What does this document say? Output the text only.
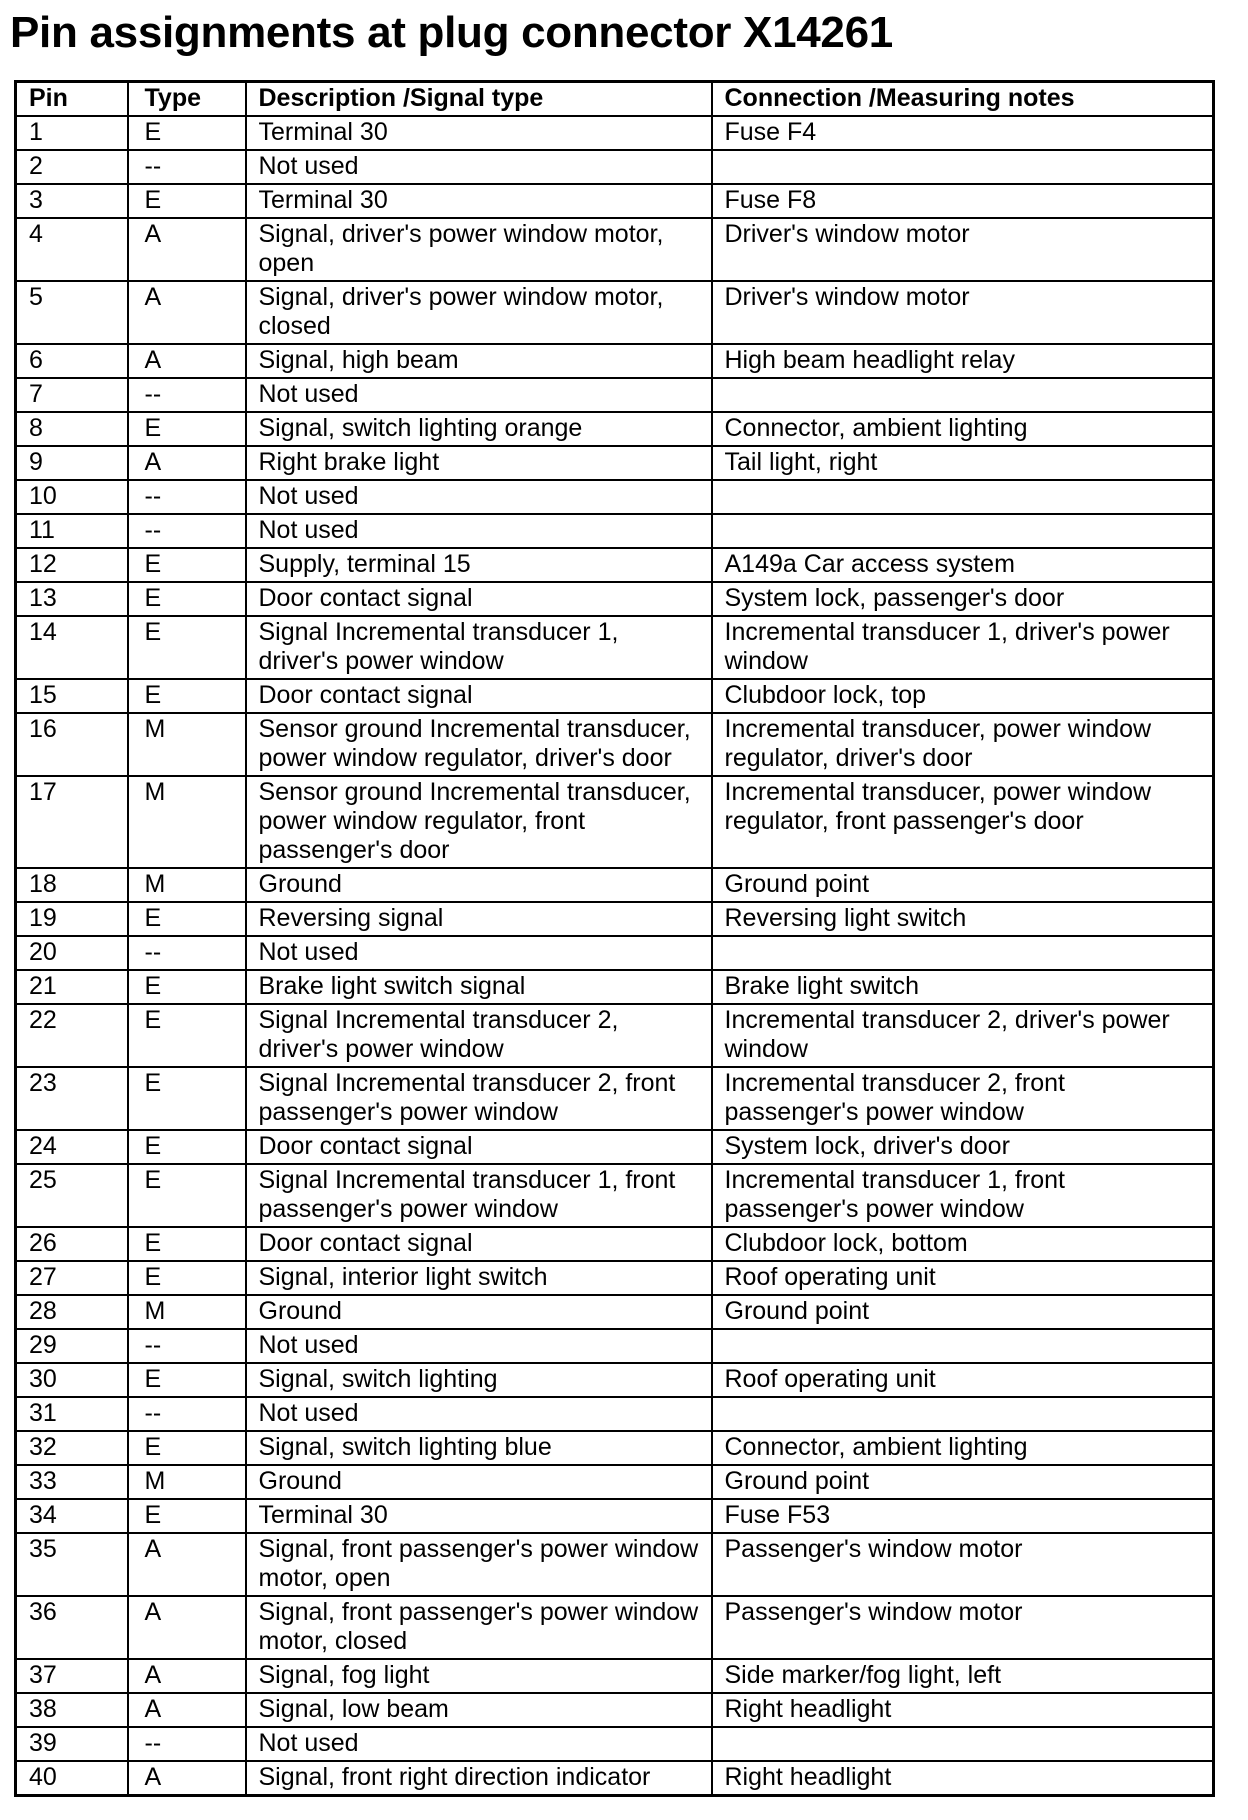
Pin assignments at plug connector X14261
Pin	Type	Description /Signal type	Connection /Measuring notes
1	E	Terminal 30	Fuse F4
2	--	Not used	
3	E	Terminal 30	Fuse F8
4	A	Signal, driver's power window motor, open	Driver's window motor
5	A	Signal, driver's power window motor, closed	Driver's window motor
6	A	Signal, high beam	High beam headlight relay
7	--	Not used	
8	E	Signal, switch lighting orange	Connector, ambient lighting
9	A	Right brake light	Tail light, right
10	--	Not used	
11	--	Not used	
12	E	Supply, terminal 15	A149a Car access system
13	E	Door contact signal	System lock, passenger's door
14	E	Signal Incremental transducer 1, driver's power window	Incremental transducer 1, driver's power window
15	E	Door contact signal	Clubdoor lock, top
16	M	Sensor ground Incremental transducer, power window regulator, driver's door	Incremental transducer, power window regulator, driver's door
17	M	Sensor ground Incremental transducer, power window regulator, front passenger's door	Incremental transducer, power window regulator, front passenger's door
18	M	Ground	Ground point
19	E	Reversing signal	Reversing light switch
20	--	Not used	
21	E	Brake light switch signal	Brake light switch
22	E	Signal Incremental transducer 2, driver's power window	Incremental transducer 2, driver's power window
23	E	Signal Incremental transducer 2, front passenger's power window	Incremental transducer 2, front passenger's power window
24	E	Door contact signal	System lock, driver's door
25	E	Signal Incremental transducer 1, front passenger's power window	Incremental transducer 1, front passenger's power window
26	E	Door contact signal	Clubdoor lock, bottom
27	E	Signal, interior light switch	Roof operating unit
28	M	Ground	Ground point
29	--	Not used	
30	E	Signal, switch lighting	Roof operating unit
31	--	Not used	
32	E	Signal, switch lighting blue	Connector, ambient lighting
33	M	Ground	Ground point
34	E	Terminal 30	Fuse F53
35	A	Signal, front passenger's power window motor, open	Passenger's window motor
36	A	Signal, front passenger's power window motor, closed	Passenger's window motor
37	A	Signal, fog light	Side marker/fog light, left
38	A	Signal, low beam	Right headlight
39	--	Not used	
40	A	Signal, front right direction indicator	Right headlight
